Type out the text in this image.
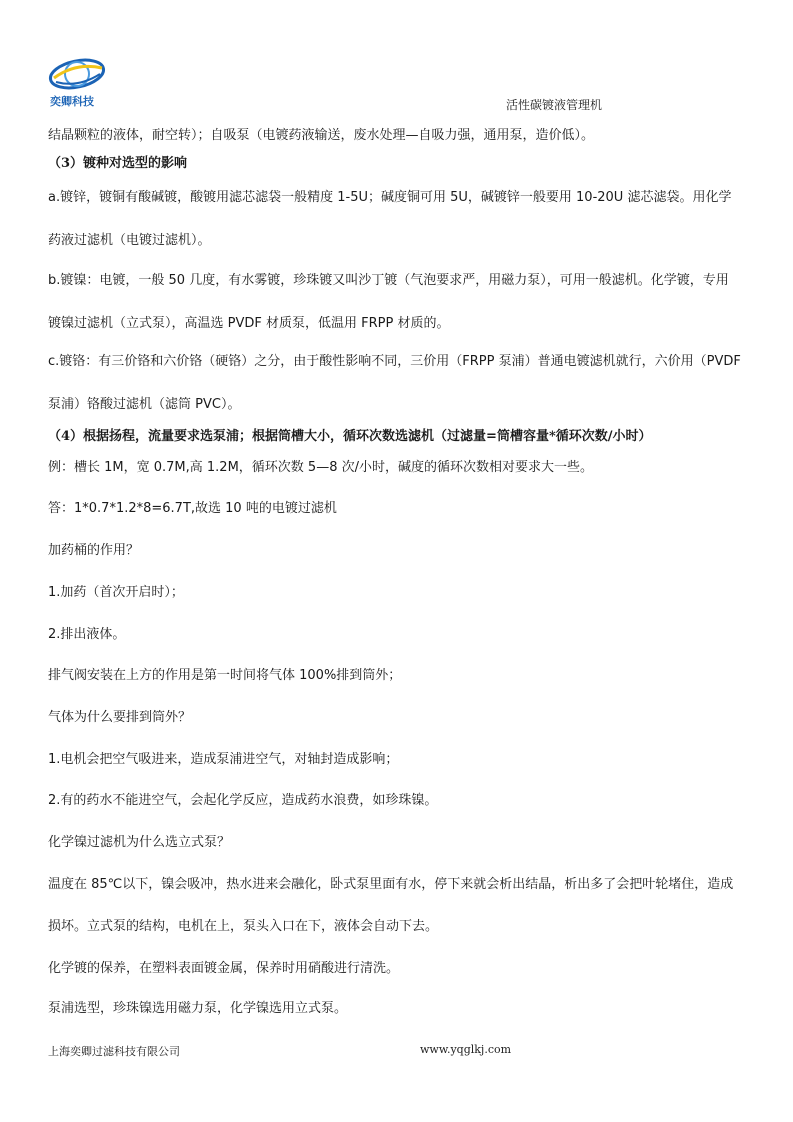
奕卿科技	活性碳镀液管理机
结晶颗粒的液体，耐空转）；自吸泵（电镀药液输送，废水处理—自吸力强，通用泵，造价低）。
（3）镀种对选型的影响
a.镀锌，镀铜有酸碱镀，酸镀用滤芯滤袋一般精度 1-5U；碱度铜可用 5U，碱镀锌一般要用 10-20U 滤芯滤袋。用化学
药液过滤机（电镀过滤机）。
b.镀镍：电镀，一般 50 几度，有水雾镀，珍珠镀又叫沙丁镀（气泡要求严，用磁力泵），可用一般滤机。化学镀，专用
镀镍过滤机（立式泵），高温选 PVDF 材质泵，低温用 FRPP 材质的。
c.镀铬：有三价铬和六价铬（硬铬）之分，由于酸性影响不同，三价用（FRPP 泵浦）普通电镀滤机就行，六价用（PVDF
泵浦）铬酸过滤机（滤筒 PVC）。
（4）根据扬程，流量要求选泵浦；根据筒槽大小，循环次数选滤机（过滤量=筒槽容量*循环次数/小时）
例：槽长 1M，宽 0.7M,高 1.2M，循环次数 5—8 次/小时，碱度的循环次数相对要求大一些。
答：1*0.7*1.2*8=6.7T,故选 10 吨的电镀过滤机
加药桶的作用？
1.加药（首次开启时）；
2.排出液体。
排气阀安装在上方的作用是第一时间将气体 100%排到筒外；
气体为什么要排到筒外？
1.电机会把空气吸进来，造成泵浦进空气，对轴封造成影响；
2.有的药水不能进空气，会起化学反应，造成药水浪费，如珍珠镍。
化学镍过滤机为什么选立式泵？
温度在 85℃以下，镍会吸冲，热水进来会融化，卧式泵里面有水，停下来就会析出结晶，析出多了会把叶轮堵住，造成
损坏。立式泵的结构，电机在上，泵头入口在下，液体会自动下去。
化学镀的保养，在塑料表面镀金属，保养时用硝酸进行清洗。
泵浦选型，珍珠镍选用磁力泵，化学镍选用立式泵。
上海奕卿过滤科技有限公司	www.yqglkj.com
